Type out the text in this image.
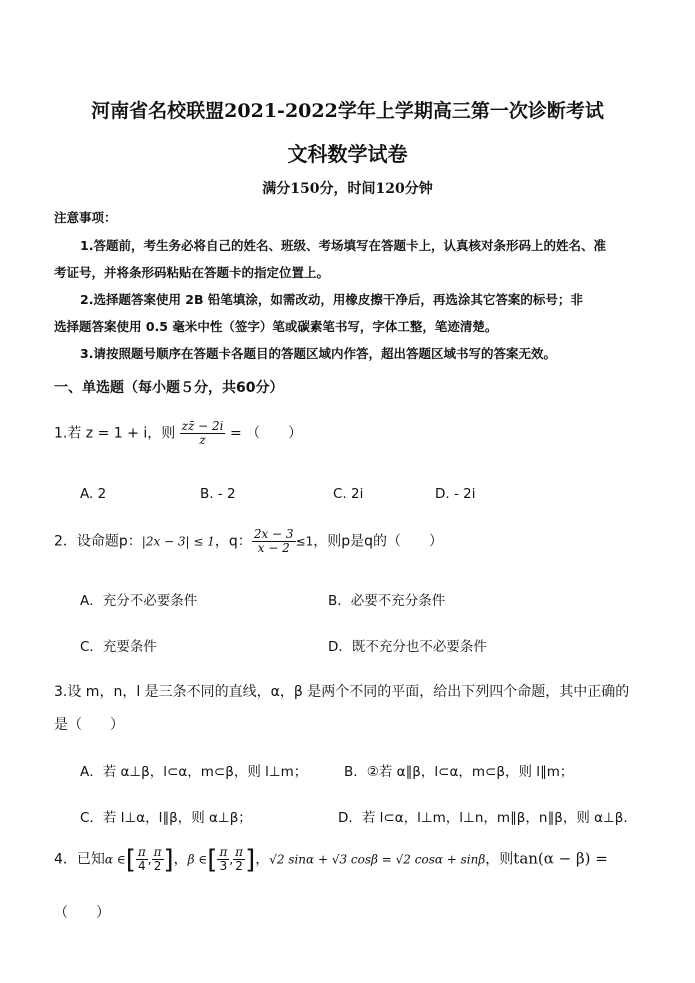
河南省名校联盟2021-2022学年上学期高三第一次诊断考试
文科数学试卷
满分150分，时间120分钟
注意事项：
1.答题前，考生务必将自己的姓名、班级、考场填写在答题卡上，认真核对条形码上的姓名、准
考证号，并将条形码粘贴在答题卡的指定位置上。
2.选择题答案使用 2B 铅笔填涂，如需改动，用橡皮擦干净后，再选涂其它答案的标号；非
选择题答案使用 0.5 毫米中性（签字）笔或碳素笔书写，字体工整，笔迹清楚。
3.请按照题号顺序在答题卡各题目的答题区域内作答，超出答题区域书写的答案无效。
一、单选题（每小题５分，共60分）
1.若 z = 1 + i，则 $\frac{zz̄ - 2i}{z}$ = （　　）
A. 2	B. - 2	C. 2i	D. - 2i
2．设命题p：|2x − 3| ≤ 1，q： $\frac{2x - 3}{x - 2} \le 1$，则p是q的（　　）
A．充分不必要条件	B．必要不充分条件
C．充要条件	D．既不充分也不必要条件
3.设 m，n，l 是三条不同的直线，α，β 是两个不同的平面，给出下列四个命题，其中正确的
是（　　）
A．若 α⊥β，l⊂α，m⊂β，则 l⊥m；	B．②若 α∥β，l⊂α，m⊂β，则 l∥m；
C．若 l⊥α，l∥β，则 α⊥β；	D．若 l⊂α，l⊥m，l⊥n，m∥β，n∥β，则 α⊥β.
4．已知α ∈[ $\frac{\pi}{4}$ , $\frac{\pi}{2}$ ]，β ∈[ $\frac{\pi}{3}$ , $\frac{\pi}{2}$ ]，√2 sinα + √3 cosβ = √2 cosα + sinβ，则tan(α − β) =
（　　）
